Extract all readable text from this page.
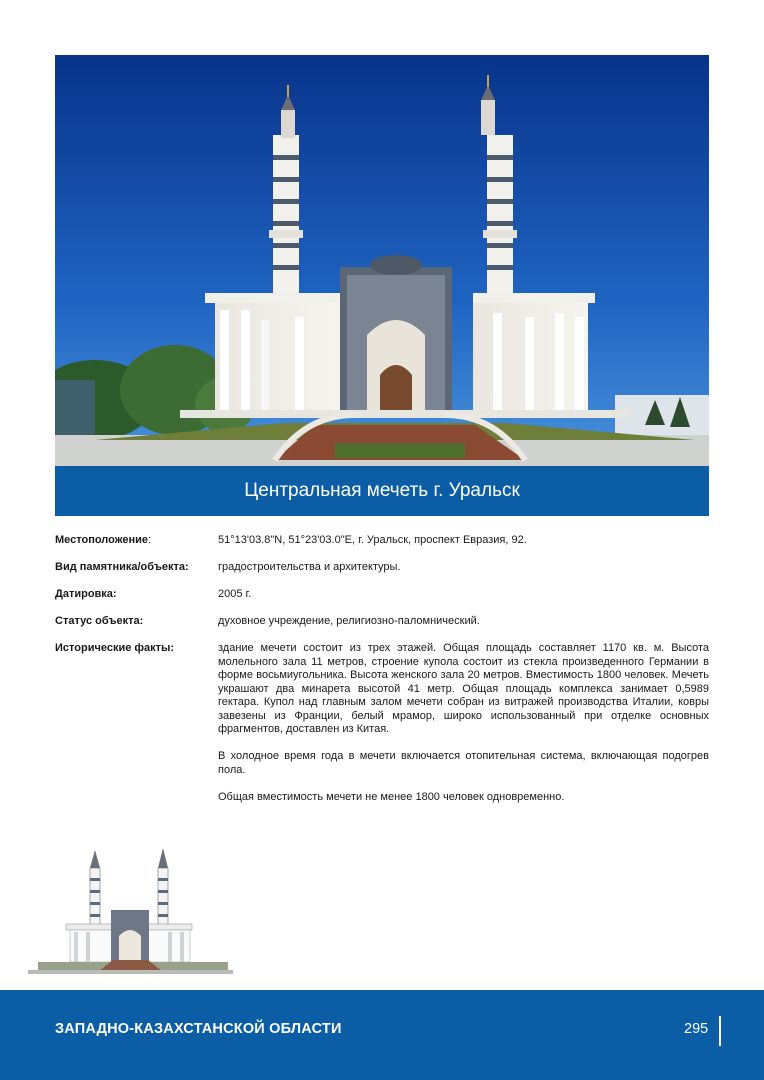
Центральная мечеть г. Уральск
Местоположение:	51°13'03.8"N, 51°23'03.0"E, г. Уральск, проспект Евразия, 92.
Вид памятника/объекта:	градостроительства и архитектуры.
Датировка:	2005 г.
Статус объекта:	духовное учреждение, религиозно-паломнический.
Исторические факты:	здание мечети состоит из трех этажей. Общая площадь составляет 1170 кв. м. Высота молельного зала 11 метров, строение купола состоит из стекла произведенного Германии в форме восьмиугольника. Высота женского зала 20 метров. Вместимость 1800 человек. Мечеть украшают два минарета высотой 41 метр. Общая площадь комплекса занимает 0,5989 гектара. Купол над главным залом мечети собран из витражей производства Италии, ковры завезены из Франции, белый мрамор, широко использованный при отделке основных фрагментов, доставлен из Китая.

В холодное время года в мечети включается отопительная система, включающая подогрев пола.

Общая вместимость мечети не менее 1800 человек одновременно.

ЗАПАДНО-КАЗАХСТАНСКОЙ ОБЛАСТИ	295
